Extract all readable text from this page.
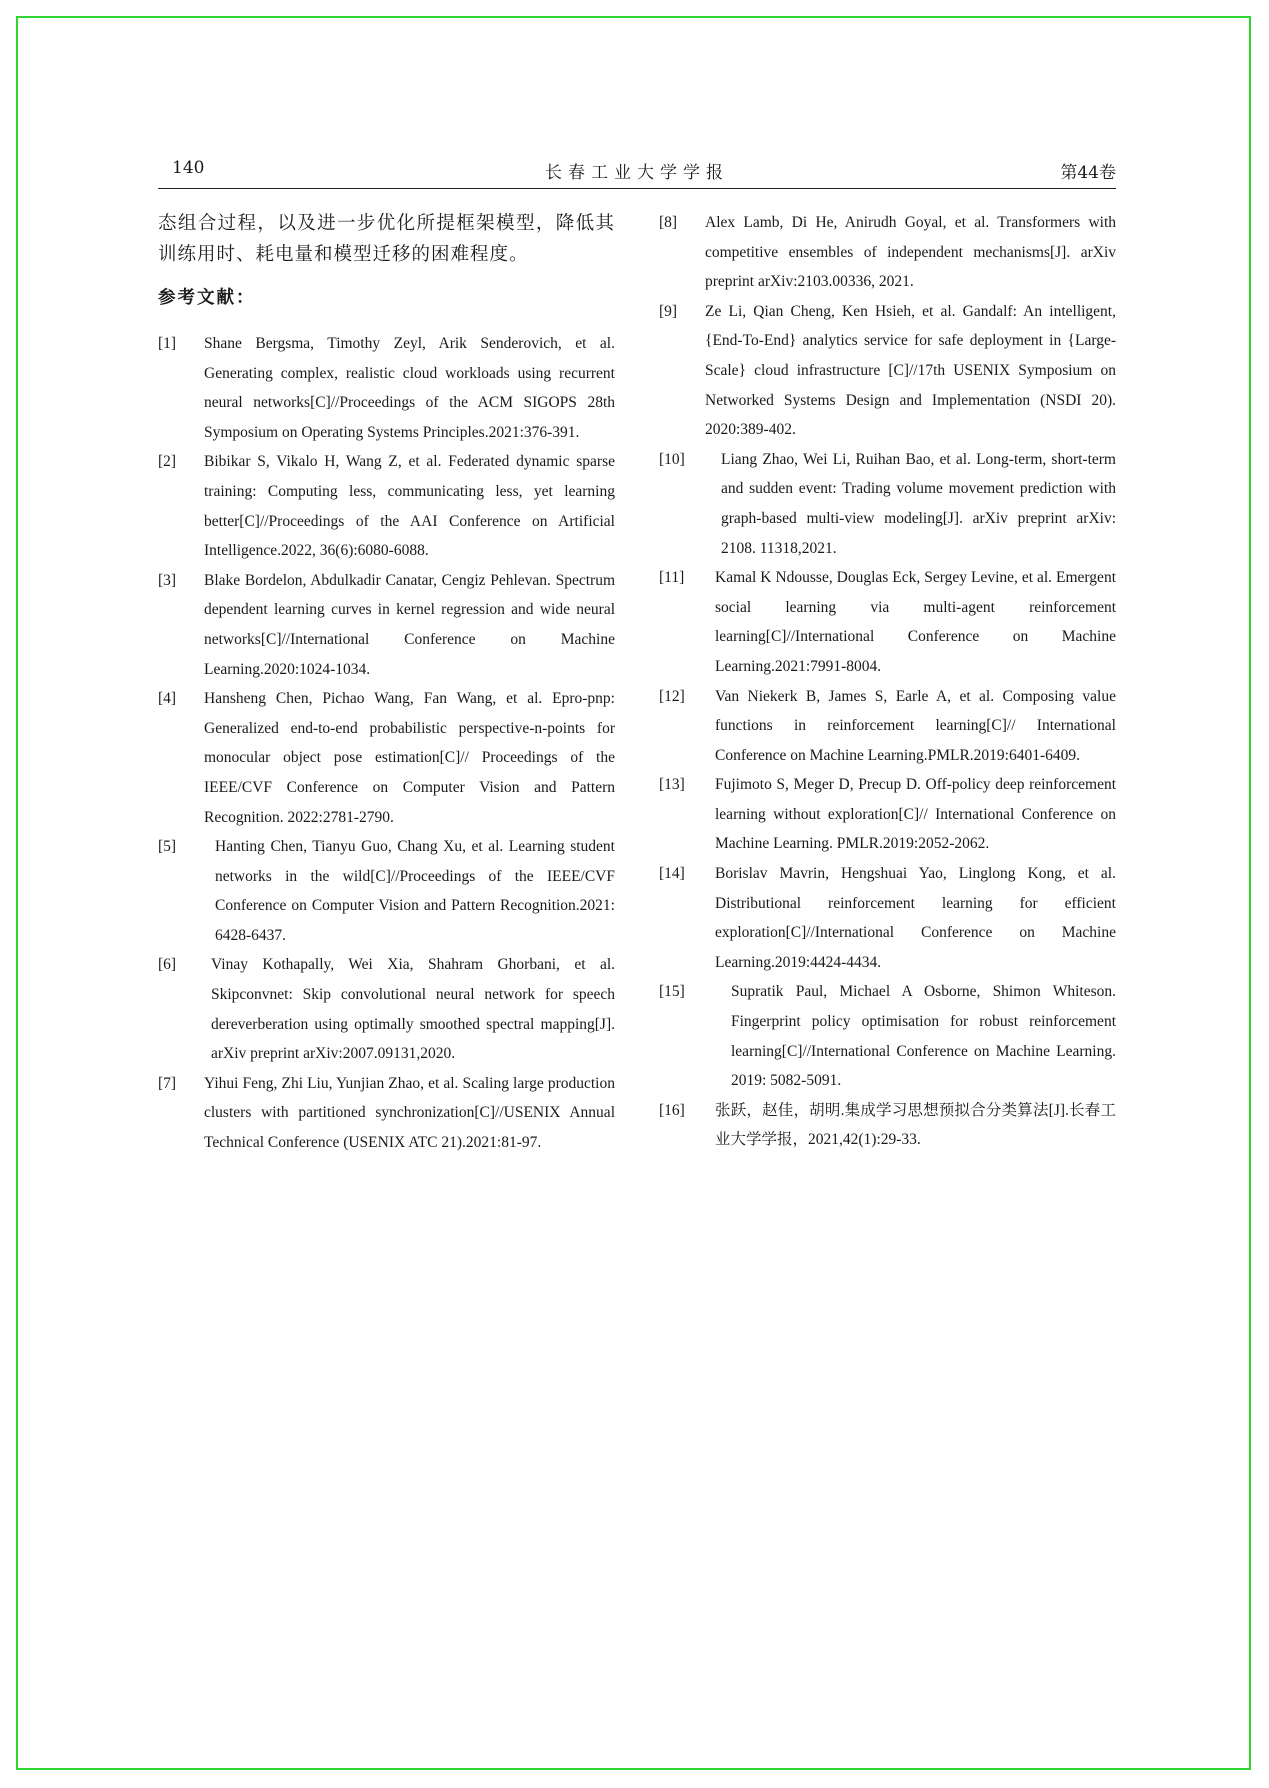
140	长春工业大学学报	第44卷

态组合过程，以及进一步优化所提框架模型，降低其训练用时、耗电量和模型迁移的困难程度。

参考文献：
[1] Shane Bergsma, Timothy Zeyl, Arik Senderovich, et al. Generating complex, realistic cloud workloads using recurrent neural networks[C]//Proceedings of the ACM SIGOPS 28th Symposium on Operating Systems Principles.2021:376-391.
[2] Bibikar S, Vikalo H, Wang Z, et al. Federated dynamic sparse training: Computing less, communicating less, yet learning better[C]//Proceedings of the AAI Conference on Artificial Intelligence.2022, 36(6):6080-6088.
[3] Blake Bordelon, Abdulkadir Canatar, Cengiz Pehlevan. Spectrum dependent learning curves in kernel regression and wide neural networks[C]//International Conference on Machine Learning.2020:1024-1034.
[4] Hansheng Chen, Pichao Wang, Fan Wang, et al. Epro-pnp: Generalized end-to-end probabilistic perspective-n-points for monocular object pose estimation[C]// Proceedings of the IEEE/CVF Conference on Computer Vision and Pattern Recognition. 2022:2781-2790.
[5]	Hanting Chen, Tianyu Guo, Chang Xu, et al. Learning student networks in the wild[C]//Proceedings of the IEEE/CVF Conference on Computer Vision and Pattern Recognition.2021: 6428-6437.
[6] Vinay Kothapally, Wei Xia, Shahram Ghorbani, et al. Skipconvnet: Skip convolutional neural network for speech dereverberation using optimally smoothed spectral mapping[J]. arXiv preprint arXiv:2007.09131,2020.
[7] Yihui Feng, Zhi Liu, Yunjian Zhao, et al. Scaling large production clusters with partitioned synchronization[C]//USENIX Annual Technical Conference (USENIX ATC 21).2021:81-97.
[8] Alex Lamb, Di He, Anirudh Goyal, et al. Transformers with competitive ensembles of independent mechanisms[J]. arXiv preprint arXiv:2103.00336, 2021.
[9] Ze Li, Qian Cheng, Ken Hsieh, et al. Gandalf: An intelligent,{End-To-End} analytics service for safe deployment in {Large-Scale} cloud infrastructure [C]//17th USENIX Symposium on Networked Systems Design and Implementation (NSDI 20). 2020:389-402.
[10] Liang Zhao, Wei Li, Ruihan Bao, et al. Long-term, short-term and sudden event: Trading volume movement prediction with graph-based multi-view modeling[J]. arXiv preprint arXiv: 2108. 11318,2021.
[11] Kamal K Ndousse, Douglas Eck, Sergey Levine, et al. Emergent social learning via multi-agent reinforcement learning[C]//International Conference on Machine Learning.2021:7991-8004.
[12] Van Niekerk B, James S, Earle A, et al. Composing value functions in reinforcement learning[C]// International Conference on Machine Learning.PMLR.2019:6401-6409.
[13] Fujimoto S, Meger D, Precup D. Off-policy deep reinforcement learning without exploration[C]// International Conference on Machine Learning. PMLR.2019:2052-2062.
[14] Borislav Mavrin, Hengshuai Yao, Linglong Kong, et al. Distributional reinforcement learning for efficient exploration[C]//International Conference on Machine Learning.2019:4424-4434.
[15]	Supratik Paul, Michael A Osborne, Shimon Whiteson. Fingerprint policy optimisation for robust reinforcement learning[C]//International Conference on Machine Learning. 2019: 5082-5091.
[16] 张跃，赵佳，胡明.集成学习思想预拟合分类算法[J].长春工业大学学报，2021,42(1):29-33.
